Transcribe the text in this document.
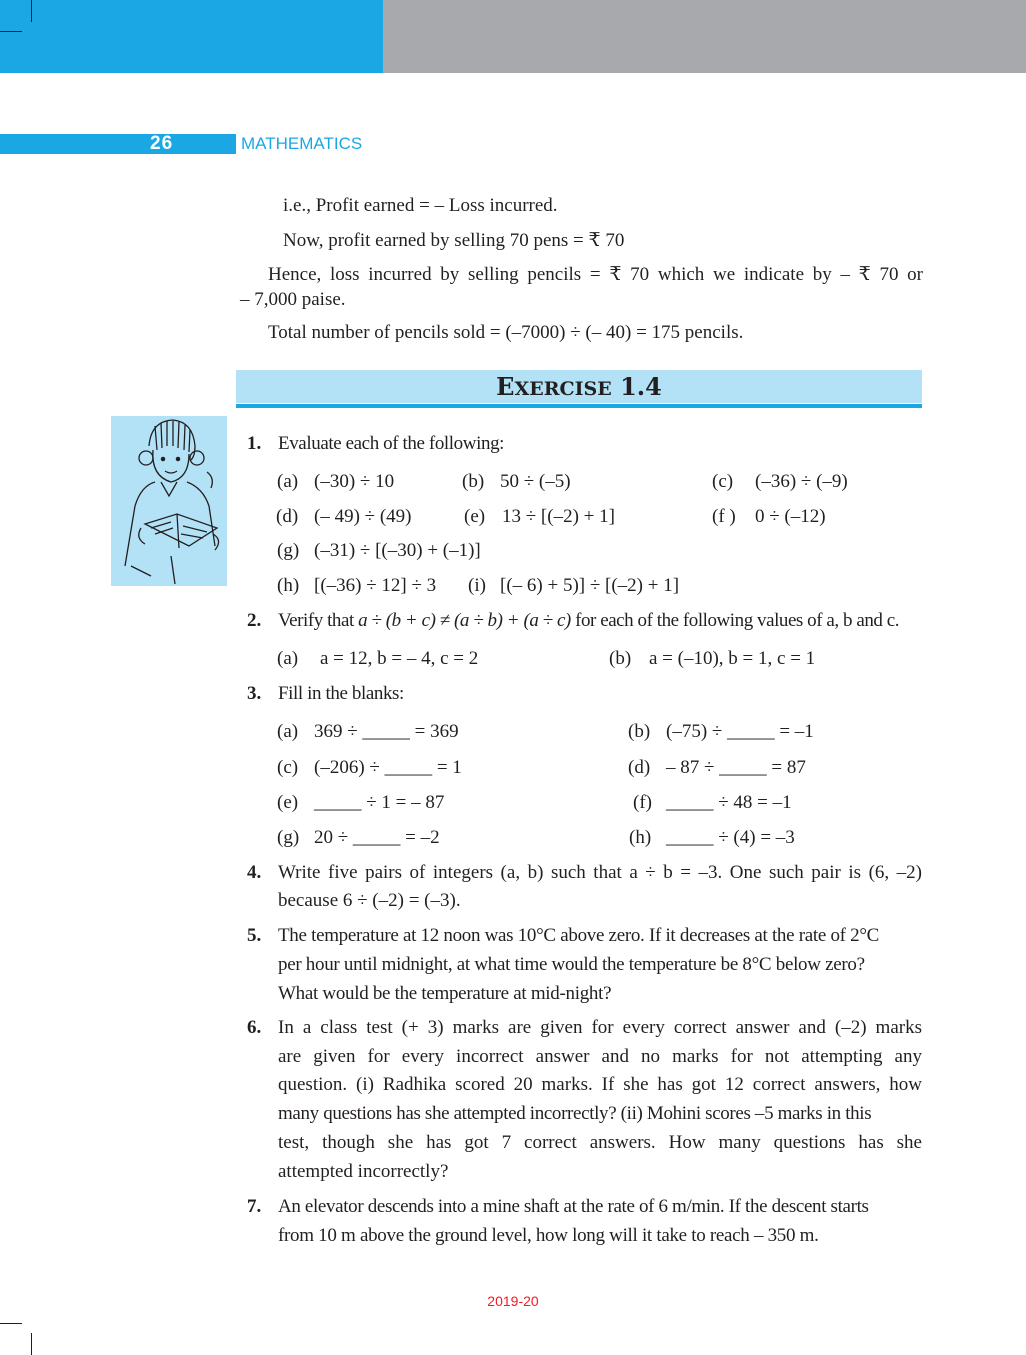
26	MATHEMATICS
i.e., Profit earned = – Loss incurred.
Now, profit earned by selling 70 pens = ₹ 70
Hence, loss incurred by selling pencils = ₹ 70 which we indicate by – ₹ 70 or
– 7,000 paise.
Total number of pencils sold = (–7000) ÷ (– 40) = 175 pencils.
EXERCISE 1.4
1. Evaluate each of the following:
(a) (–30) ÷ 10	(b) 50 ÷ (–5)	(c) (–36) ÷ (–9)
(d) (– 49) ÷ (49)	(e) 13 ÷ [(–2) + 1]	(f ) 0 ÷ (–12)
(g) (–31) ÷ [(–30) + (–1)]
(h) [(–36) ÷ 12] ÷ 3 (i) [(– 6) + 5)] ÷ [(–2) + 1]
2. Verify that a ÷ (b + c) ≠ (a ÷ b) + (a ÷ c) for each of the following values of a, b and c.
(a) a = 12, b = – 4, c = 2	(b) a = (–10), b = 1, c = 1
3. Fill in the blanks:
(a) 369 ÷ _____ = 369	(b) (–75) ÷ _____ = –1
(c) (–206) ÷ _____ = 1	(d) – 87 ÷ _____ = 87
(e) _____ ÷ 1 = – 87	(f) _____ ÷ 48 = –1
(g) 20 ÷ _____ = –2	(h) _____ ÷ (4) = –3
4. Write five pairs of integers (a, b) such that a ÷ b = –3. One such pair is (6, –2)
because 6 ÷ (–2) = (–3).
5. The temperature at 12 noon was 10°C above zero. If it decreases at the rate of 2°C
per hour until midnight, at what time would the temperature be 8°C below zero?
What would be the temperature at mid-night?
6. In a class test (+ 3) marks are given for every correct answer and (–2) marks
are given for every incorrect answer and no marks for not attempting any
question. (i) Radhika scored 20 marks. If she has got 12 correct answers, how
many questions has she attempted incorrectly? (ii) Mohini scores –5 marks in this
test, though she has got 7 correct answers. How many questions has she
attempted incorrectly?
7. An elevator descends into a mine shaft at the rate of 6 m/min. If the descent starts
from 10 m above the ground level, how long will it take to reach – 350 m.
2019-20
